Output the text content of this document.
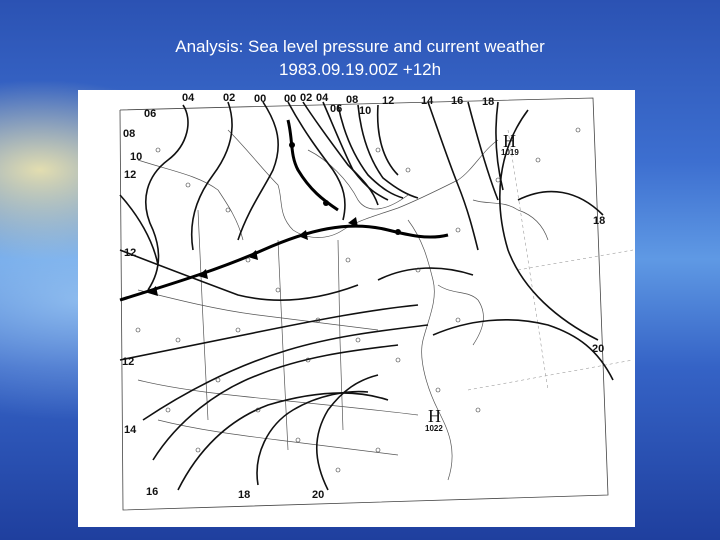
Analysis: Sea level pressure and current weather
1983.09.19.00Z +12h
04	02 00 00 02 04
06
08
10
12 14 16 18
06
08
10
12
12
12
14
16	18	20
18
20
H
1019
H
1022
